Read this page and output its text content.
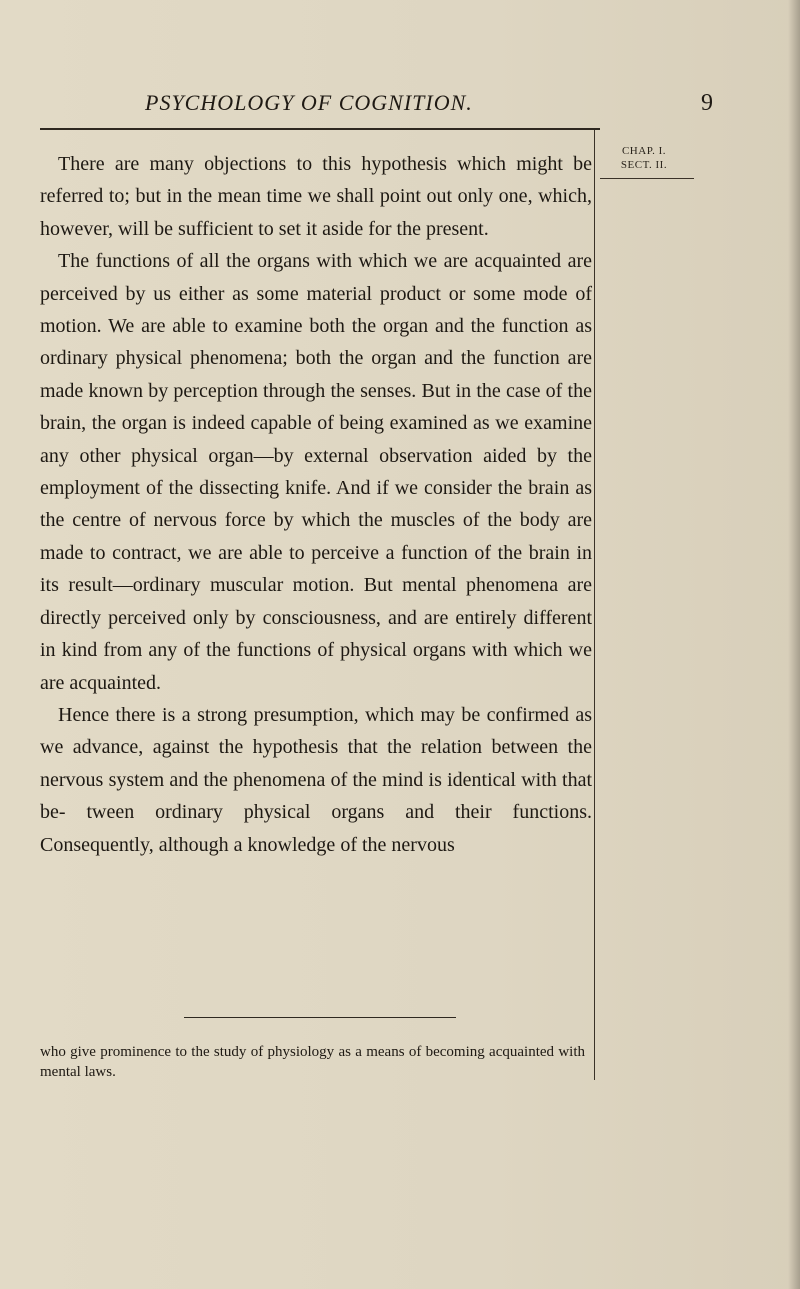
PSYCHOLOGY OF COGNITION.	9
CHAP. I.
SECT. II.

There are many objections to this hypothesis which might be referred to; but in the mean time we shall point out only one, which, however, will be sufficient to set it aside for the present.

The functions of all the organs with which we are acquainted are perceived by us either as some material product or some mode of motion. We are able to examine both the organ and the function as ordinary physical phenomena; both the organ and the function are made known by perception through the senses. But in the case of the brain, the organ is indeed capable of being examined as we examine any other physical organ—by external observation aided by the employment of the dissecting knife. And if we consider the brain as the centre of nervous force by which the muscles of the body are made to contract, we are able to perceive a function of the brain in its result—ordinary muscular motion. But mental phenomena are directly perceived only by consciousness, and are entirely different in kind from any of the functions of physical organs with which we are acquainted.

Hence there is a strong presumption, which may be confirmed as we advance, against the hypothesis that the relation between the nervous system and the phenomena of the mind is identical with that be- tween ordinary physical organs and their functions. Consequently, although a knowledge of the nervous

who give prominence to the study of physiology as a means of becoming acquainted with mental laws.
